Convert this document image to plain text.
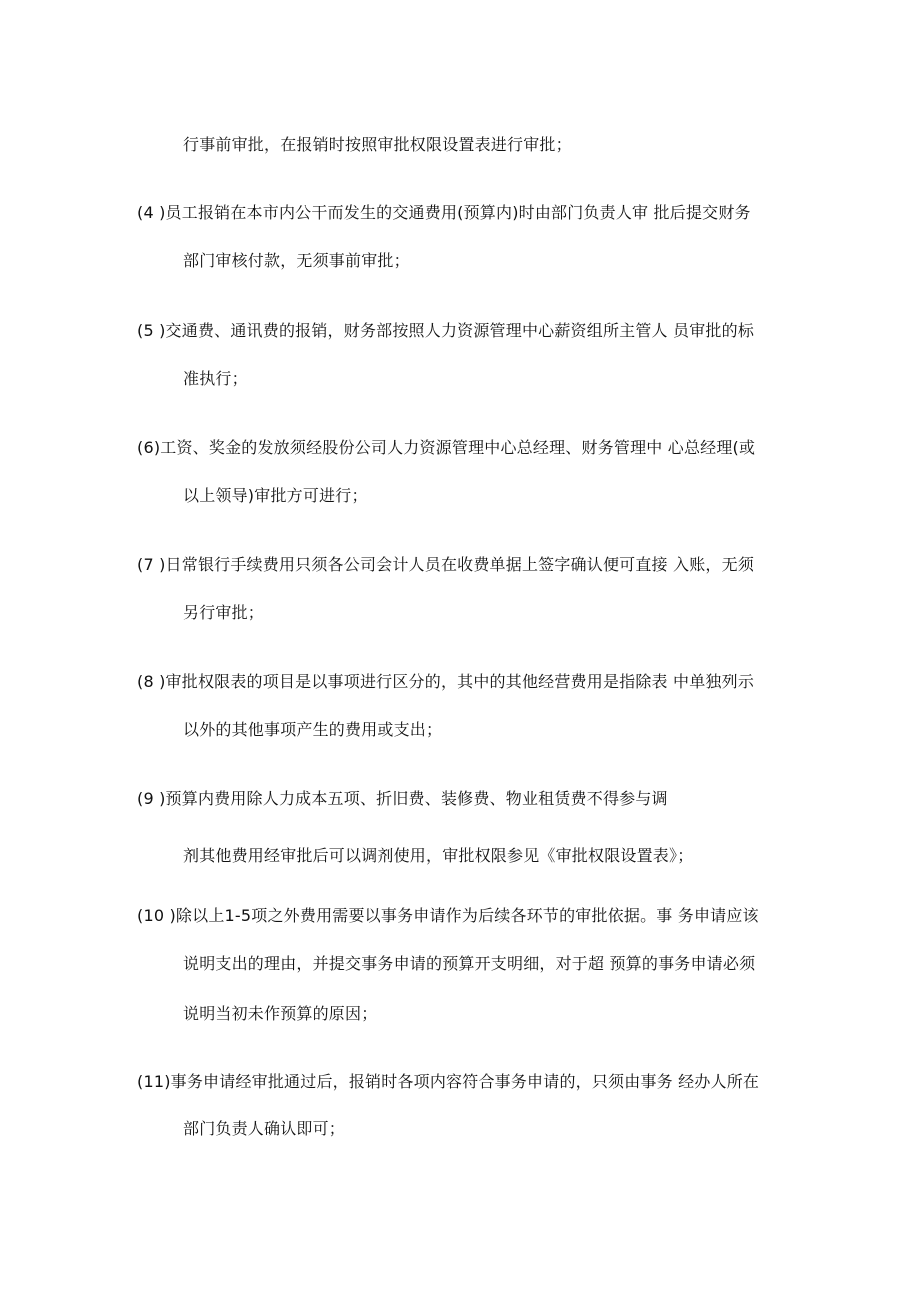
行事前审批，在报销时按照审批权限设置表进行审批；
(4 )员工报销在本市内公干而发生的交通费用(预算内)时由部门负责人审 批后提交财务
部门审核付款，无须事前审批；
(5 )交通费、通讯费的报销，财务部按照人力资源管理中心薪资组所主管人 员审批的标
准执行；
(6)工资、奖金的发放须经股份公司人力资源管理中心总经理、财务管理中 心总经理(或
以上领导)审批方可进行；
(7 )日常银行手续费用只须各公司会计人员在收费单据上签字确认便可直接 入账，无须
另行审批；
(8 )审批权限表的项目是以事项进行区分的，其中的其他经营费用是指除表 中单独列示
以外的其他事项产生的费用或支出；
(9 )预算内费用除人力成本五项、折旧费、装修费、物业租赁费不得参与调
剂其他费用经审批后可以调剂使用，审批权限参见《审批权限设置表》；
(10 )除以上1-5项之外费用需要以事务申请作为后续各环节的审批依据。事 务申请应该
说明支出的理由，并提交事务申请的预算开支明细，对于超 预算的事务申请必须
说明当初未作预算的原因；
(11)事务申请经审批通过后，报销时各项内容符合事务申请的，只须由事务 经办人所在
部门负责人确认即可；
